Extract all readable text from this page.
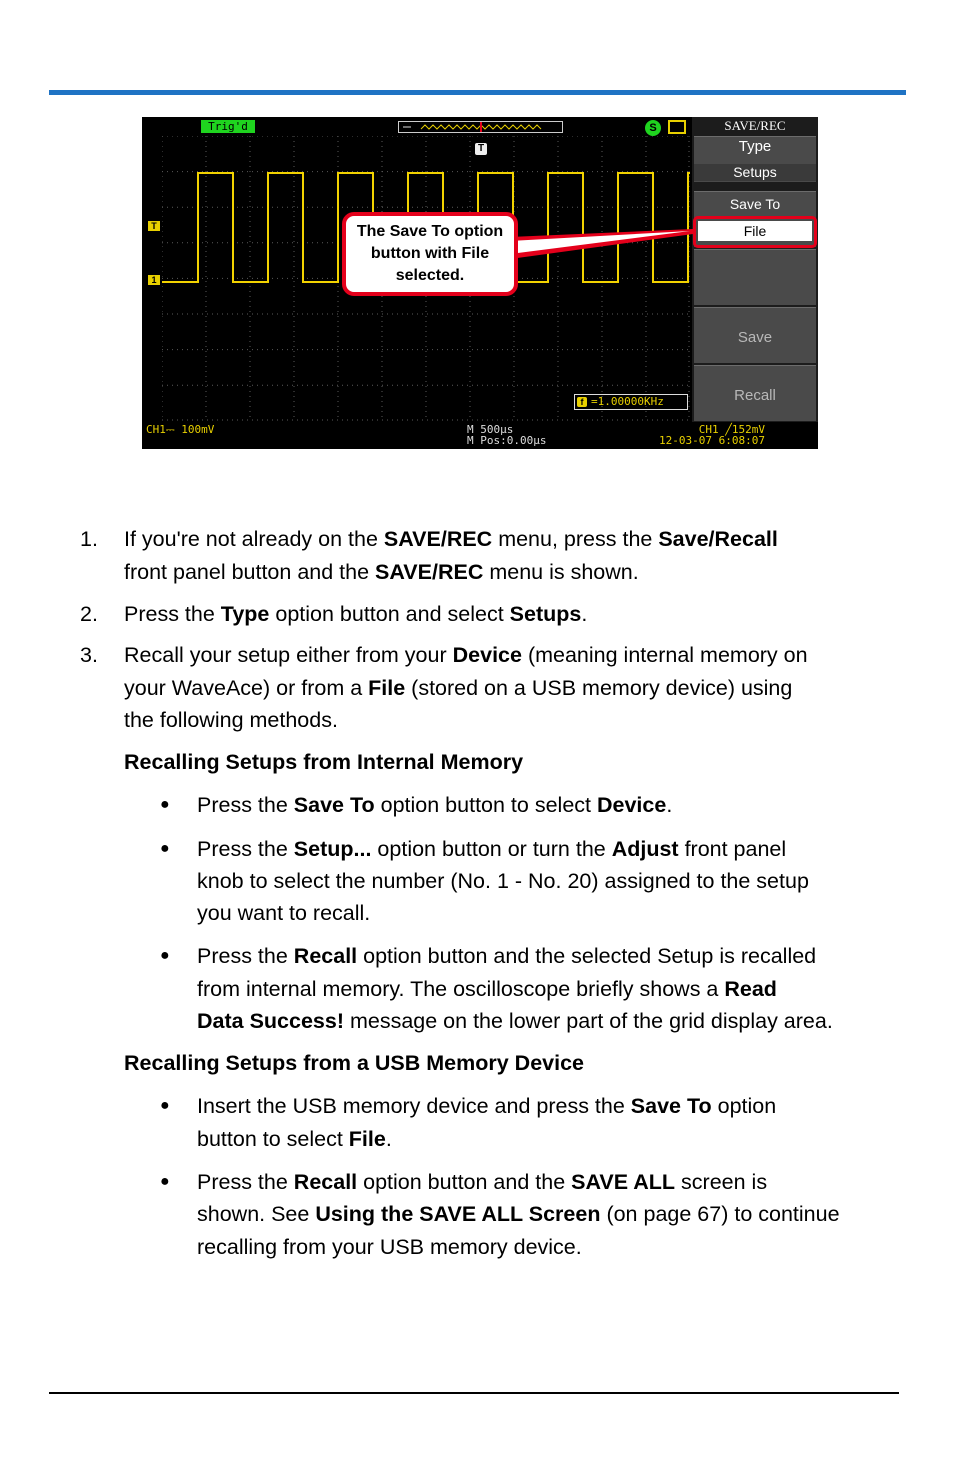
Trig'd	S
T
T
1
SAVE/REC
Type
Setups
Save To
Save
Recall
File
The Save To option button with File selected.
f =1.00000KHz
CH1⎓ 100mV	M 500μs
M Pos:0.00μs
CH1 ╱152mV
12-03-07 6:08:07
1. If you're not already on the SAVE/REC menu, press the Save/Recall
front panel button and the SAVE/REC menu is shown.
2. Press the Type option button and select Setups.
3. Recall your setup either from your Device (meaning internal memory on
your WaveAce) or from a File (stored on a USB memory device) using
the following methods.
Recalling Setups from Internal Memory
● Press the Save To option button to select Device.
● Press the Setup... option button or turn the Adjust front panel
knob to select the number (No. 1 - No. 20) assigned to the setup
you want to recall.
● Press the Recall option button and the selected Setup is recalled
from internal memory. The oscilloscope briefly shows a Read
Data Success! message on the lower part of the grid display area.
Recalling Setups from a USB Memory Device
● Insert the USB memory device and press the Save To option
button to select File.
● Press the Recall option button and the SAVE ALL screen is
shown. See Using the SAVE ALL Screen (on page 67) to continue
recalling from your USB memory device.
